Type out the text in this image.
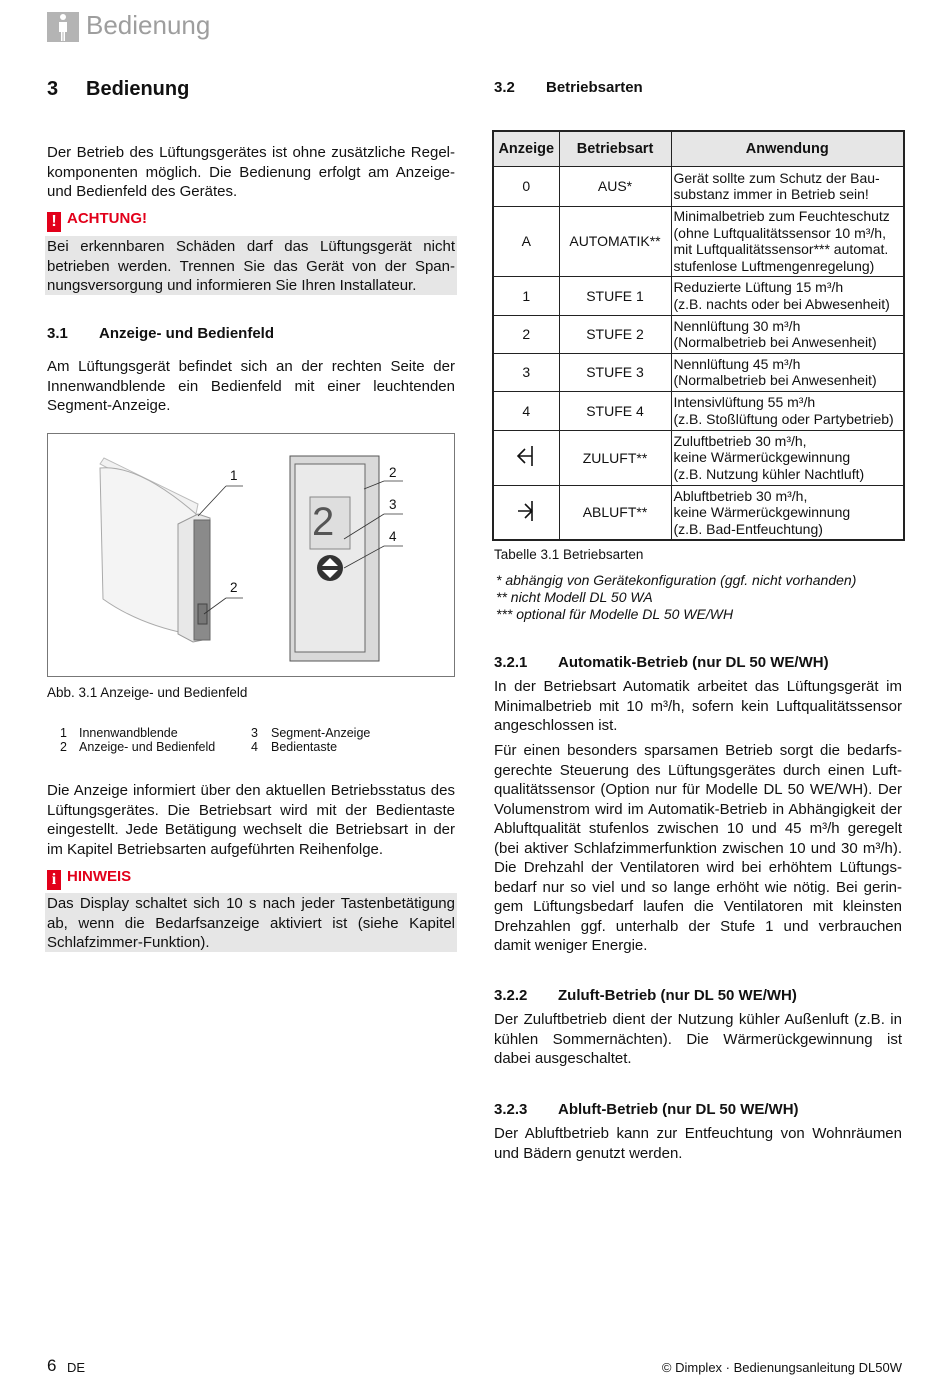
Bedienung
3 Bedienung
Der Betrieb des Lüftungsgerätes ist ohne zusätzliche Regel-
komponenten möglich. Die Bedienung erfolgt am Anzeige-
und Bedienfeld des Gerätes.
! ACHTUNG!
Bei erkennbaren Schäden darf das Lüftungsgerät nicht
betrieben werden. Trennen Sie das Gerät von der Span-
nungsversorgung und informieren Sie Ihren Installateur.
3.1 Anzeige- und Bedienfeld
Am Lüftungsgerät befindet sich an der rechten Seite der
Innenwandblende ein Bedienfeld mit einer leuchtenden
Segment-Anzeige.
2
1
2
2
3
4
Abb. 3.1 Anzeige- und Bedienfeld
1 Innenwandblende
2 Anzeige- und Bedienfeld
3 Segment-Anzeige
4 Bedientaste
Die Anzeige informiert über den aktuellen Betriebsstatus des
Lüftungsgerätes. Die Betriebsart wird mit der Bedientaste
eingestellt. Jede Betätigung wechselt die Betriebsart in der
im Kapitel Betriebsarten aufgeführten Reihenfolge.
i HINWEIS
Das Display schaltet sich 10 s nach jeder Tastenbetätigung
ab, wenn die Bedarfsanzeige aktiviert ist (siehe Kapitel
Schlafzimmer-Funktion).
3.2 Betriebsarten
Anzeige	Betriebsart	Anwendung
0	AUS*	Gerät sollte zum Schutz der Bau-
substanz immer in Betrieb sein!

A	AUTOMATIK**	Minimalbetrieb zum Feuchteschutz
(ohne Luftqualitätssensor 10 m³/h,
mit Luftqualitätssensor*** automat.
stufenlose Luftmengenregelung)

1	STUFE 1	Reduzierte Lüftung 15 m³/h
(z.B. nachts oder bei Abwesenheit)

2	STUFE 2	Nennlüftung 30 m³/h
(Normalbetrieb bei Anwesenheit)

3	STUFE 3	Nennlüftung 45 m³/h
(Normalbetrieb bei Anwesenheit)

4	STUFE 4	Intensivlüftung 55 m³/h
(z.B. Stoßlüftung oder Partybetrieb)

	ZULUFT**	Zuluftbetrieb 30 m³/h,
keine Wärmerückgewinnung
(z.B. Nutzung kühler Nachtluft)

	ABLUFT**	Abluftbetrieb 30 m³/h,
keine Wärmerückgewinnung
(z.B. Bad-Entfeuchtung)
Tabelle 3.1 Betriebsarten
* abhängig von Gerätekonfiguration (ggf. nicht vorhanden)
** nicht Modell DL 50 WA
*** optional für Modelle DL 50 WE/WH
3.2.1 Automatik-Betrieb (nur DL 50 WE/WH)
In der Betriebsart Automatik arbeitet das Lüftungsgerät im
Minimalbetrieb mit 10 m³/h, sofern kein Luftqualitätssensor
angeschlossen ist.
Für einen besonders sparsamen Betrieb sorgt die bedarfs-
gerechte Steuerung des Lüftungsgerätes durch einen Luft-
qualitätssensor (Option nur für Modelle DL 50 WE/WH). Der
Volumenstrom wird im Automatik-Betrieb in Abhängigkeit der
Abluftqualität stufenlos zwischen 10 und 45 m³/h geregelt
(bei aktiver Schlafzimmerfunktion zwischen 10 und 30 m³/h).
Die Drehzahl der Ventilatoren wird bei erhöhtem Lüftungs-
bedarf nur so viel und so lange erhöht wie nötig. Bei gerin-
gem Lüftungsbedarf laufen die Ventilatoren mit kleinsten
Drehzahlen ggf. unterhalb der Stufe 1 und verbrauchen
damit weniger Energie.
3.2.2 Zuluft-Betrieb (nur DL 50 WE/WH)
Der Zuluftbetrieb dient der Nutzung kühler Außenluft (z.B. in
kühlen Sommernächten). Die Wärmerückgewinnung ist
dabei ausgeschaltet.
3.2.3 Abluft-Betrieb (nur DL 50 WE/WH)
Der Abluftbetrieb kann zur Entfeuchtung von Wohnräumen
und Bädern genutzt werden.
6 DE	© Dimplex · Bedienungsanleitung DL50W
